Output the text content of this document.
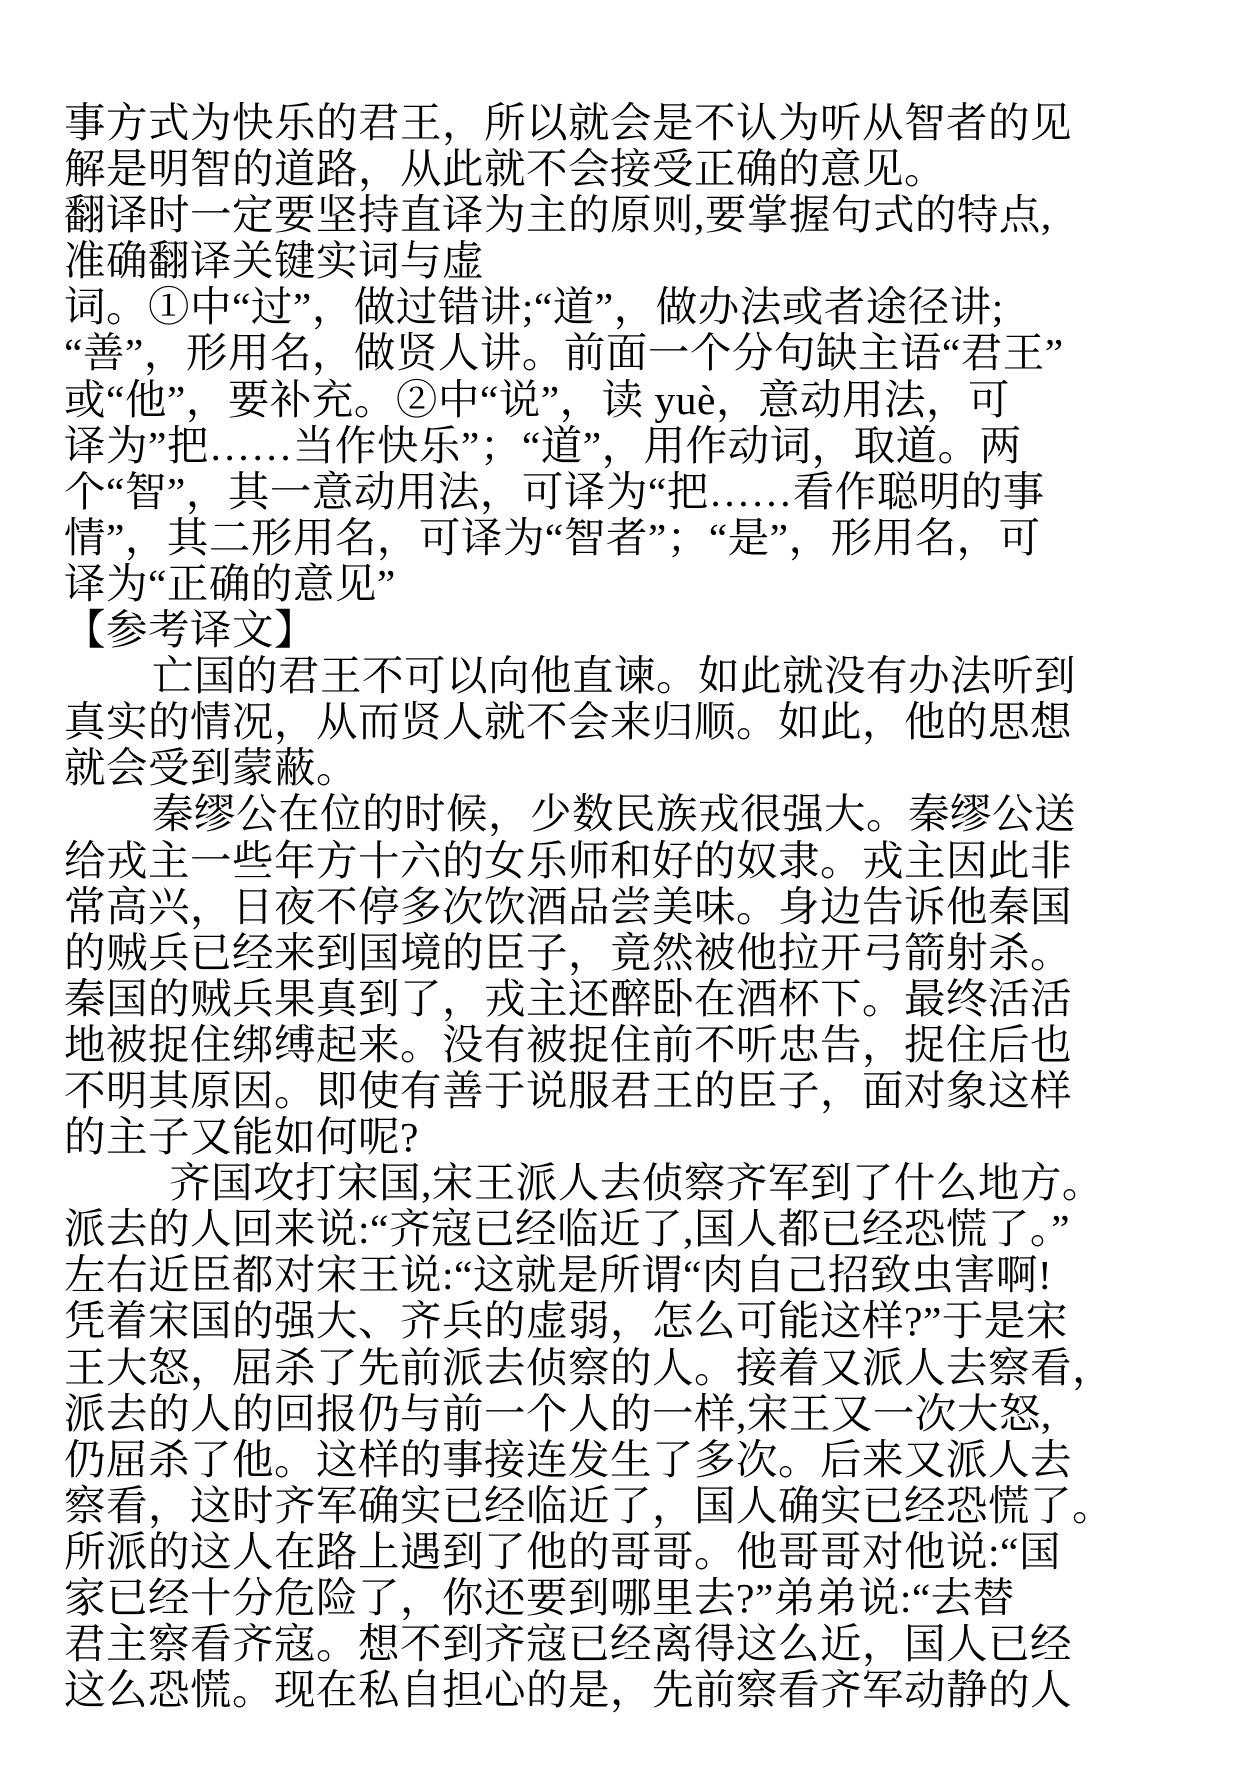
事方式为快乐的君王，所以就会是不认为听从智者的见
解是明智的道路，从此就不会接受正确的意见。
翻译时一定要坚持直译为主的原则,要掌握句式的特点,
准确翻译关键实词与虚
词。①中“过”，做过错讲;“道”，做办法或者途径讲;
“善”，形用名，做贤人讲。前面一个分句缺主语“君王”
或“他”，要补充。②中“说”，读 yuè，意动用法，可
译为”把……当作快乐”；“道”，用作动词，取道。两
个“智”，其一意动用法，可译为“把……看作聪明的事
情”，其二形用名，可译为“智者”；“是”，形用名，可
译为“正确的意见”
【参考译文】
亡国的君王不可以向他直谏。如此就没有办法听到
真实的情况，从而贤人就不会来归顺。如此，他的思想
就会受到蒙蔽。
秦缪公在位的时候，少数民族戎很强大。秦缪公送
给戎主一些年方十六的女乐师和好的奴隶。戎主因此非
常高兴，日夜不停多次饮酒品尝美味。身边告诉他秦国
的贼兵已经来到国境的臣子，竟然被他拉开弓箭射杀。
秦国的贼兵果真到了，戎主还醉卧在酒杯下。最终活活
地被捉住绑缚起来。没有被捉住前不听忠告，捉住后也
不明其原因。即使有善于说服君王的臣子，面对象这样
的主子又能如何呢?
齐国攻打宋国,宋王派人去侦察齐军到了什么地方。
派去的人回来说:“齐寇已经临近了,国人都已经恐慌了。”
左右近臣都对宋王说:“这就是所谓“肉自己招致虫害啊!
凭着宋国的强大、齐兵的虚弱，怎么可能这样?”于是宋
王大怒，屈杀了先前派去侦察的人。接着又派人去察看，
派去的人的回报仍与前一个人的一样,宋王又一次大怒,
仍屈杀了他。这样的事接连发生了多次。后来又派人去
察看，这时齐军确实已经临近了，国人确实已经恐慌了。
所派的这人在路上遇到了他的哥哥。他哥哥对他说:“国
家已经十分危险了，你还要到哪里去?”弟弟说:“去替
君主察看齐寇。想不到齐寇已经离得这么近，国人已经
这么恐慌。现在私自担心的是，先前察看齐军动静的人
